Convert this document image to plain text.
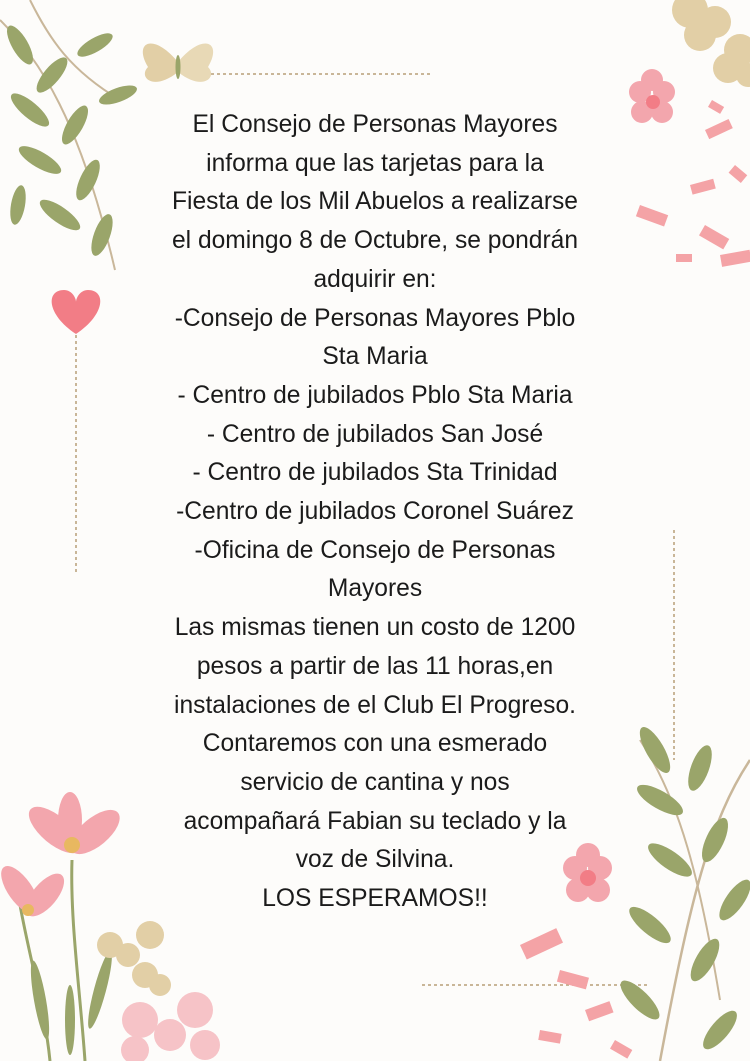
El Consejo de Personas Mayores
informa que las tarjetas para la
Fiesta de los Mil Abuelos a realizarse
el domingo 8 de Octubre, se pondrán
adquirir en:
-Consejo de Personas Mayores Pblo
Sta Maria
- Centro de jubilados Pblo Sta Maria
- Centro de jubilados San José
- Centro de jubilados Sta Trinidad
-Centro de jubilados Coronel Suárez
-Oficina de Consejo de Personas
Mayores
Las mismas tienen un costo de 1200
pesos a partir de las 11 horas,en
instalaciones de el Club El Progreso.
Contaremos con una esmerado
servicio de cantina y nos
acompañará Fabian su teclado y la
voz de Silvina.
LOS ESPERAMOS!!
